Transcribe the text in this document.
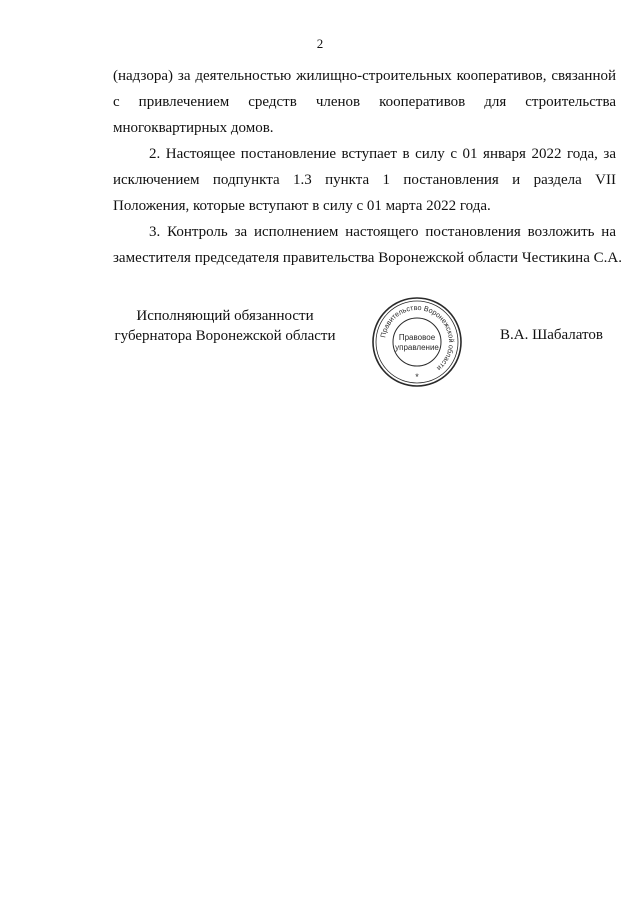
2

(надзора) за деятельностью жилищно-строительных кооперативов, связанной
с привлечением средств членов кооперативов для строительства
многоквартирных домов.

2. Настоящее постановление вступает в силу с 01 января 2022 года, за
исключением подпункта 1.3 пункта 1 постановления и раздела VII
Положения, которые вступают в силу с 01 марта 2022 года.

3. Контроль за исполнением настоящего постановления возложить на
заместителя председателя правительства Воронежской области Честикина С.А.

Исполняющий обязанности
губернатора Воронежской области	Правительство Воронежской области
Правовое
управление
*
В.А. Шабалатов
